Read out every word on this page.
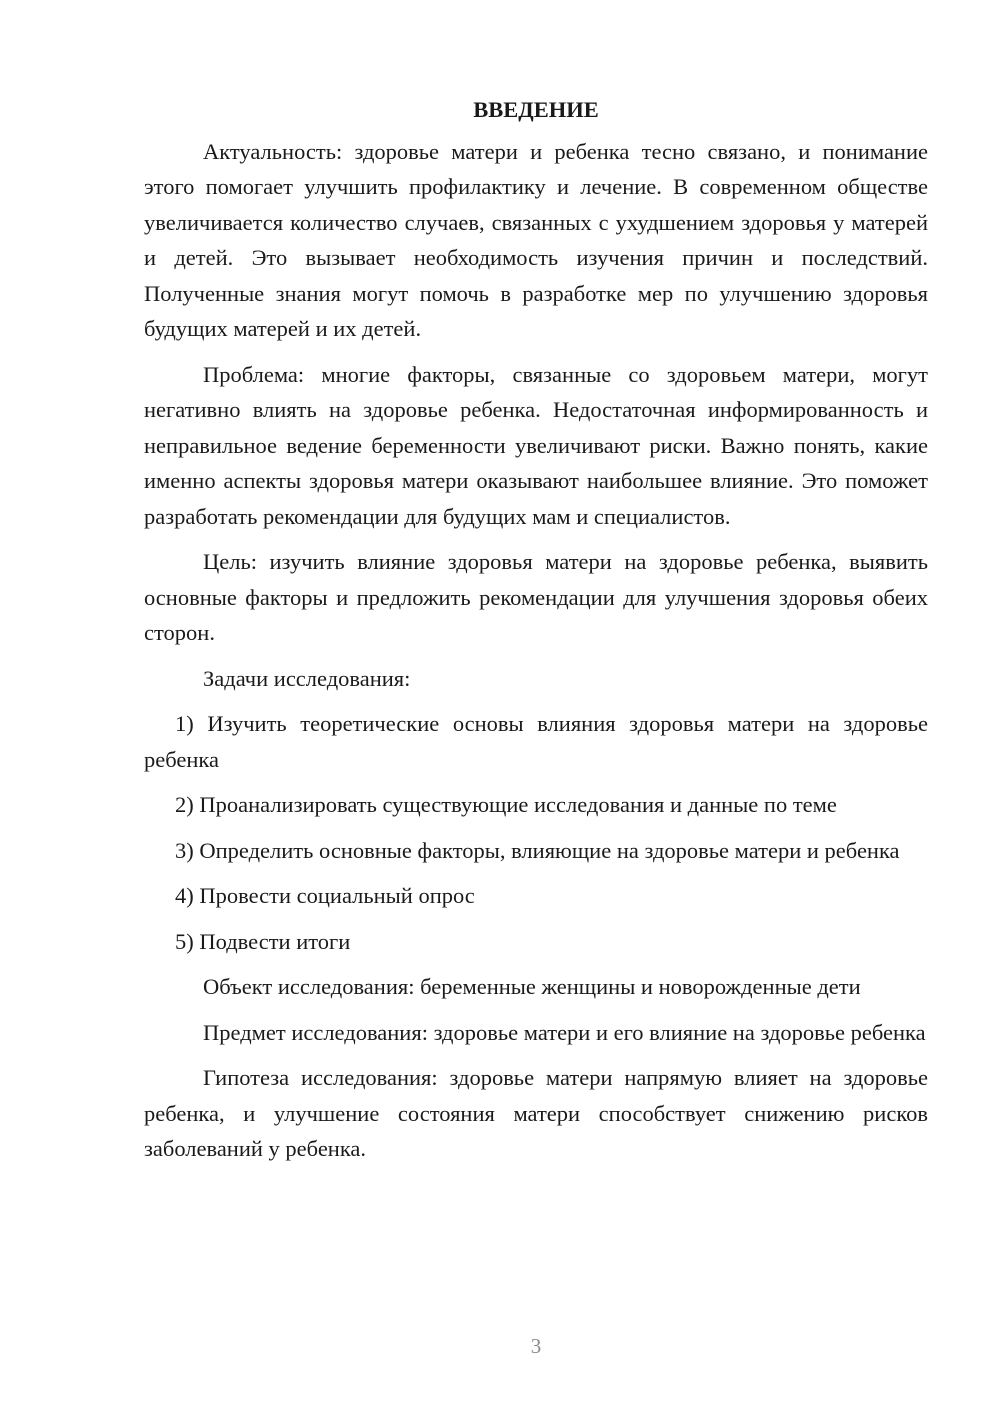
ВВЕДЕНИЕ

Актуальность: здоровье матери и ребенка тесно связано, и понимание этого помогает улучшить профилактику и лечение. В современном обществе увеличивается количество случаев, связанных с ухудшением здоровья у матерей и детей. Это вызывает необходимость изучения причин и последствий. Полученные знания могут помочь в разработке мер по улучшению здоровья будущих матерей и их детей.

Проблема: многие факторы, связанные со здоровьем матери, могут негативно влиять на здоровье ребенка. Недостаточная информированность и неправильное ведение беременности увеличивают риски. Важно понять, какие именно аспекты здоровья матери оказывают наибольшее влияние. Это поможет разработать рекомендации для будущих мам и специалистов.

Цель: изучить влияние здоровья матери на здоровье ребенка, выявить основные факторы и предложить рекомендации для улучшения здоровья обеих сторон.

Задачи исследования:

1) Изучить теоретические основы влияния здоровья матери на здоровье ребенка

2) Проанализировать существующие исследования и данные по теме

3) Определить основные факторы, влияющие на здоровье матери и ребенка

4) Провести социальный опрос

5) Подвести итоги

Объект исследования: беременные женщины и новорожденные дети

Предмет исследования: здоровье матери и его влияние на здоровье ребенка

Гипотеза исследования: здоровье матери напрямую влияет на здоровье ребенка, и улучшение состояния матери способствует снижению рисков заболеваний у ребенка.

3
